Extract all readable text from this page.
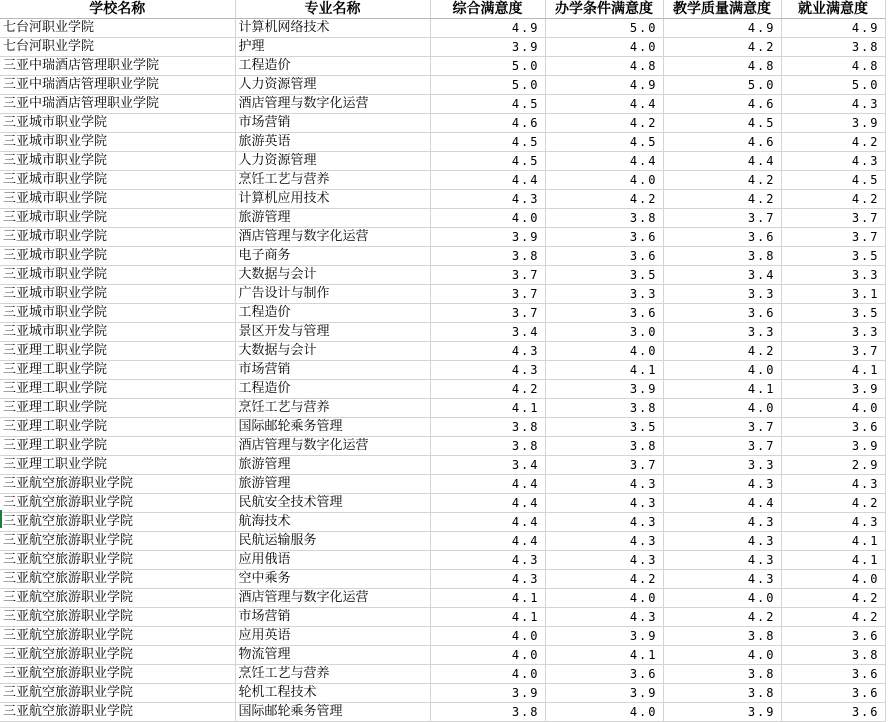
学校名称	专业名称	综合满意度	办学条件满意度	教学质量满意度	就业满意度
七台河职业学院	计算机网络技术	4.9	5.0	4.9	4.9
七台河职业学院	护理	3.9	4.0	4.2	3.8
三亚中瑞酒店管理职业学院	工程造价	5.0	4.8	4.8	4.8
三亚中瑞酒店管理职业学院	人力资源管理	5.0	4.9	5.0	5.0
三亚中瑞酒店管理职业学院	酒店管理与数字化运营	4.5	4.4	4.6	4.3
三亚城市职业学院	市场营销	4.6	4.2	4.5	3.9
三亚城市职业学院	旅游英语	4.5	4.5	4.6	4.2
三亚城市职业学院	人力资源管理	4.5	4.4	4.4	4.3
三亚城市职业学院	烹饪工艺与营养	4.4	4.0	4.2	4.5
三亚城市职业学院	计算机应用技术	4.3	4.2	4.2	4.2
三亚城市职业学院	旅游管理	4.0	3.8	3.7	3.7
三亚城市职业学院	酒店管理与数字化运营	3.9	3.6	3.6	3.7
三亚城市职业学院	电子商务	3.8	3.6	3.8	3.5
三亚城市职业学院	大数据与会计	3.7	3.5	3.4	3.3
三亚城市职业学院	广告设计与制作	3.7	3.3	3.3	3.1
三亚城市职业学院	工程造价	3.7	3.6	3.6	3.5
三亚城市职业学院	景区开发与管理	3.4	3.0	3.3	3.3
三亚理工职业学院	大数据与会计	4.3	4.0	4.2	3.7
三亚理工职业学院	市场营销	4.3	4.1	4.0	4.1
三亚理工职业学院	工程造价	4.2	3.9	4.1	3.9
三亚理工职业学院	烹饪工艺与营养	4.1	3.8	4.0	4.0
三亚理工职业学院	国际邮轮乘务管理	3.8	3.5	3.7	3.6
三亚理工职业学院	酒店管理与数字化运营	3.8	3.8	3.7	3.9
三亚理工职业学院	旅游管理	3.4	3.7	3.3	2.9
三亚航空旅游职业学院	旅游管理	4.4	4.3	4.3	4.3
三亚航空旅游职业学院	民航安全技术管理	4.4	4.3	4.4	4.2
三亚航空旅游职业学院	航海技术	4.4	4.3	4.3	4.3
三亚航空旅游职业学院	民航运输服务	4.4	4.3	4.3	4.1
三亚航空旅游职业学院	应用俄语	4.3	4.3	4.3	4.1
三亚航空旅游职业学院	空中乘务	4.3	4.2	4.3	4.0
三亚航空旅游职业学院	酒店管理与数字化运营	4.1	4.0	4.0	4.2
三亚航空旅游职业学院	市场营销	4.1	4.3	4.2	4.2
三亚航空旅游职业学院	应用英语	4.0	3.9	3.8	3.6
三亚航空旅游职业学院	物流管理	4.0	4.1	4.0	3.8
三亚航空旅游职业学院	烹饪工艺与营养	4.0	3.6	3.8	3.6
三亚航空旅游职业学院	轮机工程技术	3.9	3.9	3.8	3.6
三亚航空旅游职业学院	国际邮轮乘务管理	3.8	4.0	3.9	3.6
